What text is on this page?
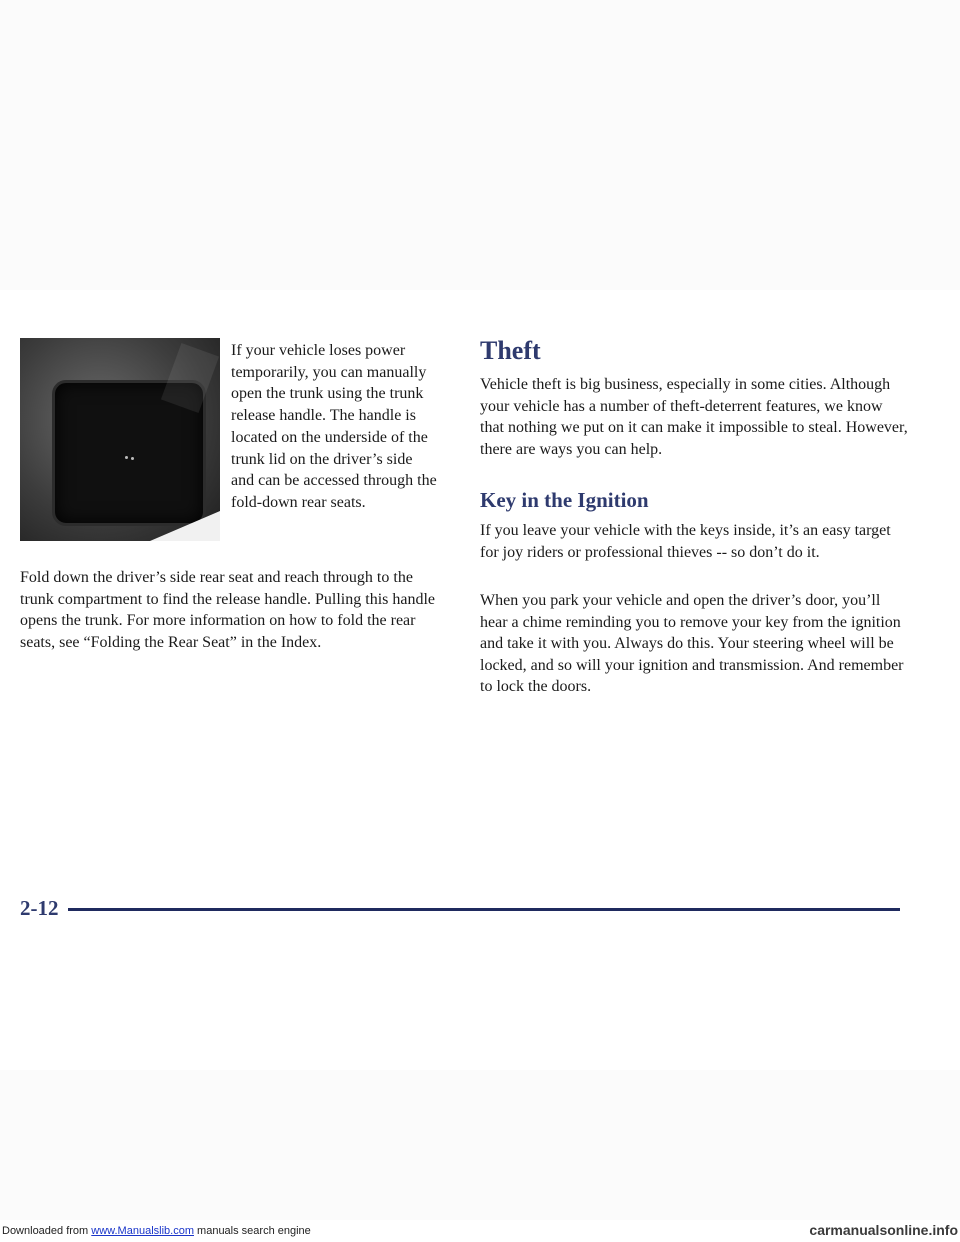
If your vehicle loses power temporarily, you can manually open the trunk using the trunk release handle. The handle is located on the underside of the trunk lid on the driver’s side and can be accessed through the fold-down rear seats.

Fold down the driver’s side rear seat and reach through to the trunk compartment to find the release handle. Pulling this handle opens the trunk. For more information on how to fold the rear seats, see “Folding the Rear Seat” in the Index.

Theft

Vehicle theft is big business, especially in some cities. Although your vehicle has a number of theft-deterrent features, we know that nothing we put on it can make it impossible to steal. However, there are ways you can help.

Key in the Ignition

If you leave your vehicle with the keys inside, it’s an easy target for joy riders or professional thieves -- so don’t do it.

When you park your vehicle and open the driver’s door, you’ll hear a chime reminding you to remove your key from the ignition and take it with you. Always do this. Your steering wheel will be locked, and so will your ignition and transmission. And remember to lock the doors.

2-12
Downloaded from www.Manualslib.com manuals search engine	carmanualsonline.info
